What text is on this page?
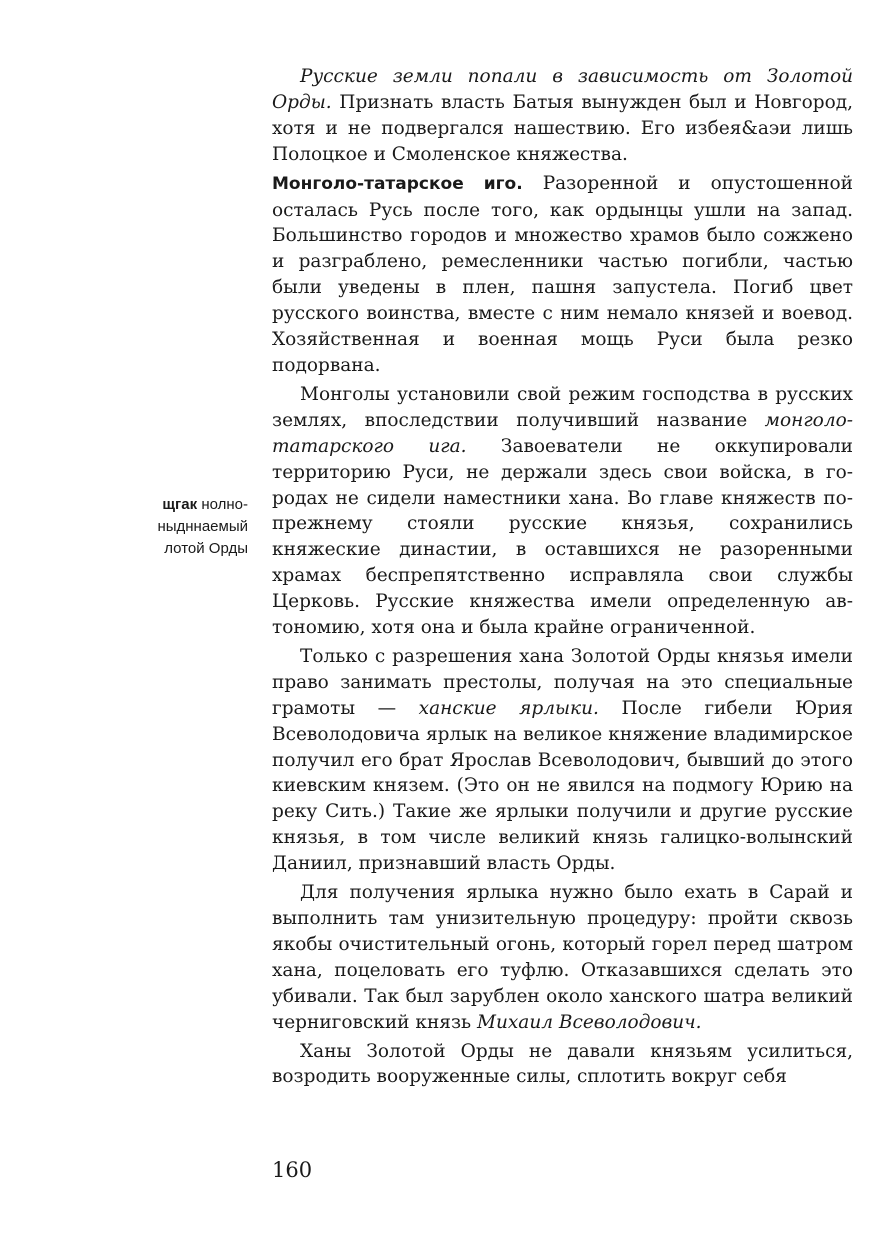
Русские земли попали в зависимость от Золотой Орды. Признать власть Батыя вынужден был и Новгород, хотя и не подвергался нашествию. Его избея&аэи лишь Полоцкое и Смоленское княжества.

Монголо-татарское иго. Разоренной и опустошенной осталась Русь после того, как ордынцы ушли на запад. Большинство городов и множество храмов было сожжено и разграблено, ремесленники частью погибли, частью были уведены в плен, пашня запустела. Погиб цвет русского воинства, вместе с ним немало князей и воевод. Хозяйственная и военная мощь Руси была резко подорвана.

Монголы установили свой режим господства в русских землях, впоследствии получивший название монголо-татарского ига. Завоеватели не оккупировали территорию Руси, не держали здесь свои войска, в городах не сидели наместники хана. Во главе княжеств по-прежнему стояли русские князья, сохранились княжеские династии, в оставшихся не разоренными храмах беспрепятственно исправляла свои службы Церковь. Русские княжества имели определенную автономию, хотя она и была крайне ограниченной.

Только с разрешения хана Золотой Орды князья имели право занимать престолы, получая на это специальные грамоты — ханские ярлыки. После гибели Юрия Всеволодовича ярлык на великое княжение владимирское получил его брат Ярослав Всеволодович, бывший до этого киевским князем. (Это он не явился на подмогу Юрию на реку Сить.) Такие же ярлыки получили и другие русские князья, в том числе великий князь галицко-волынский Даниил, признавший власть Орды.

Для получения ярлыка нужно было ехать в Сарай и выполнить там унизительную процедуру: пройти сквозь якобы очистительный огонь, который горел перед шатром хана, поцеловать его туфлю. Отказавшихся сделать это убивали. Так был зарублен около ханского шатра великий черниговский князь Михаил Всеволодович.

Ханы Золотой Орды не давали князьям усилиться, возродить вооруженные силы, сплотить вокруг себя

щгак нолно-
ныдннаемый
лотой Орды
160
